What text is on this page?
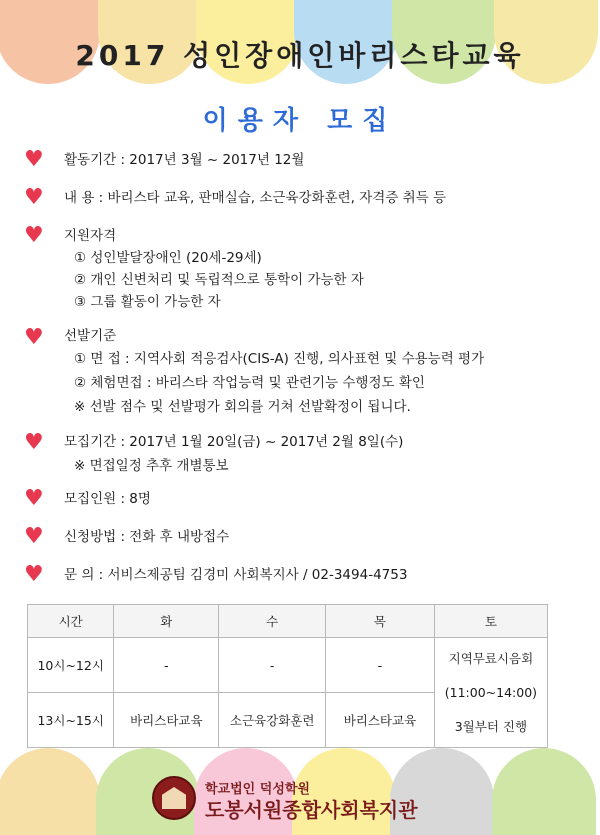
2017 성인장애인바리스타교육
이용자 모집
♥ 활동기간 : 2017년 3월 ~ 2017년 12월
♥ 내 용 : 바리스타 교육, 판매실습, 소근육강화훈련, 자격증 취득 등
♥ 지원자격
① 성인발달장애인 (20세-29세)
② 개인 신변처리 및 독립적으로 통학이 가능한 자
③ 그룹 활동이 가능한 자
♥ 선발기준
① 면 접 : 지역사회 적응검사(CIS-A) 진행, 의사표현 및 수용능력 평가
② 체험면접 : 바리스타 작업능력 및 관련기능 수행정도 확인
※ 선발 점수 및 선발평가 회의를 거쳐 선발확정이 됩니다.
♥ 모집기간 : 2017년 1월 20일(금) ~ 2017년 2월 8일(수)
※ 면접일정 추후 개별통보
♥ 모집인원 : 8명
♥ 신청방법 : 전화 후 내방접수
♥ 문 의 : 서비스제공팀 김경미 사회복지사 / 02-3494-4753
시간	화	수	목	토
10시~12시	-	-	-	지역무료시음회
(11:00~14:00)
3월부터 진행

13시~15시	바리스타교육	소근육강화훈련	바리스타교육	
학교법인 덕성학원
도봉서원종합사회복지관
